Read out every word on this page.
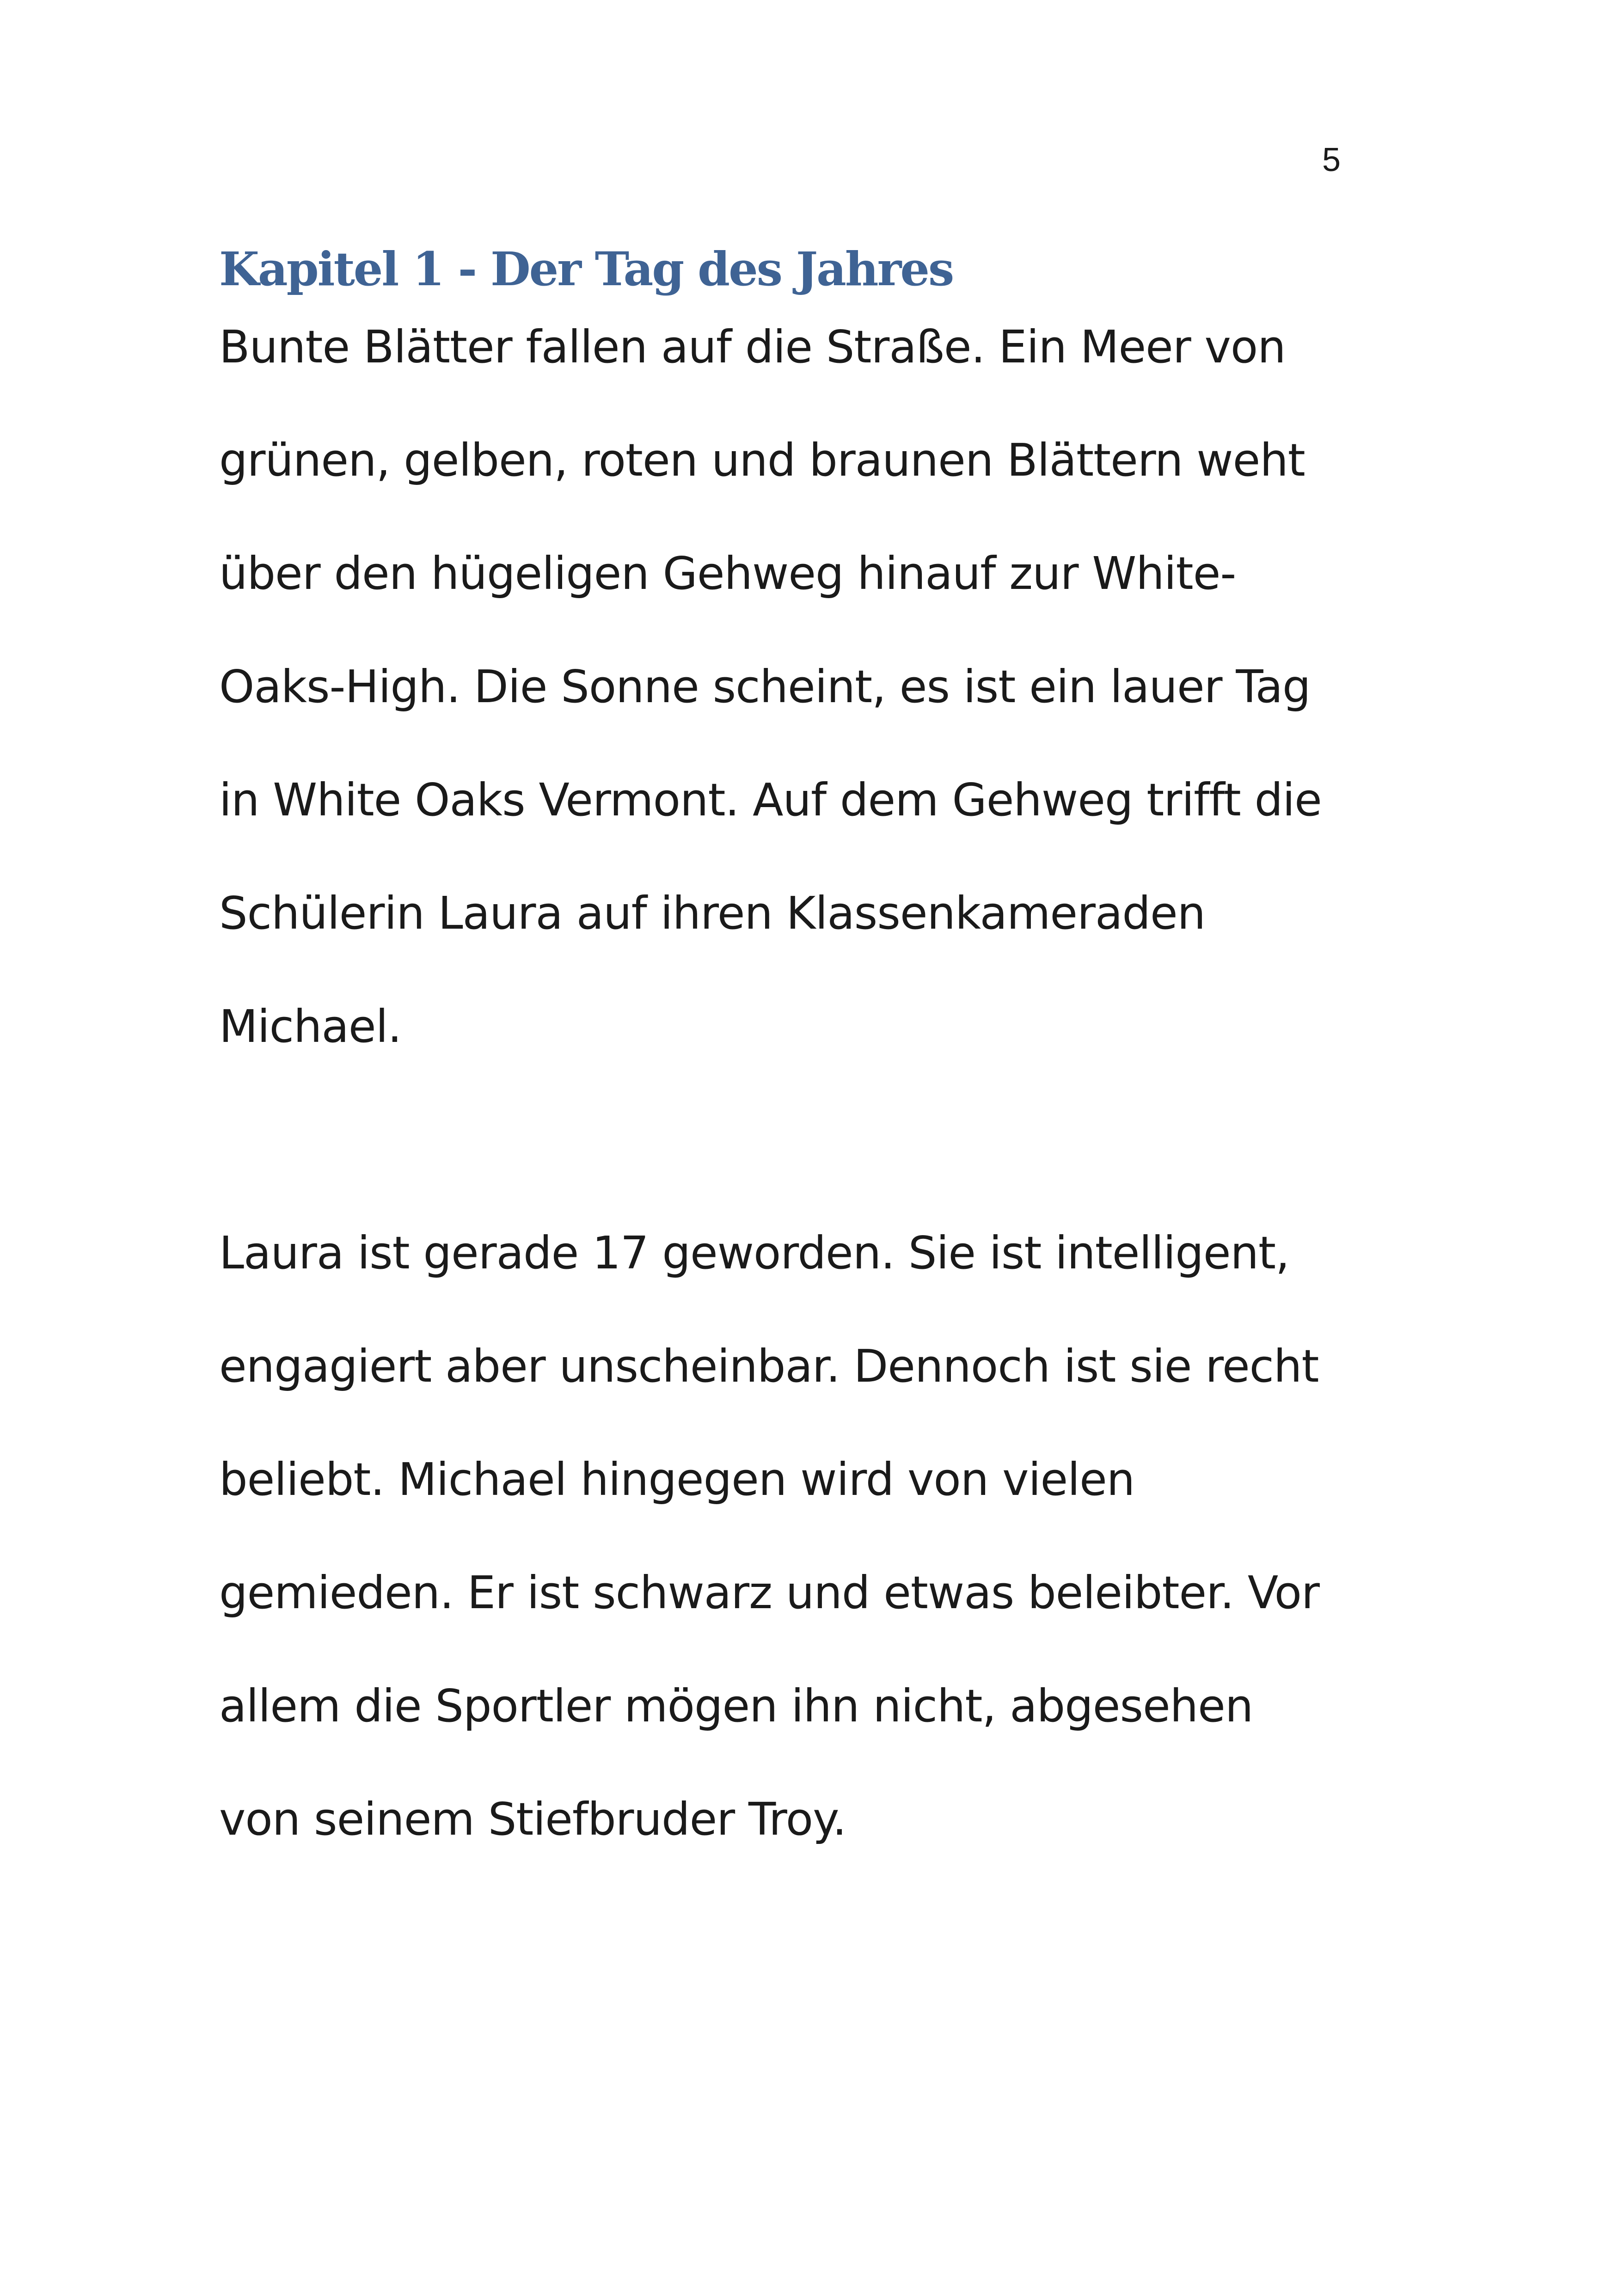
5
Kapitel 1 - Der Tag des Jahres

Bunte Blätter fallen auf die Straße. Ein Meer von

grünen, gelben, roten und braunen Blättern weht

über den hügeligen Gehweg hinauf zur White-

Oaks-High. Die Sonne scheint, es ist ein lauer Tag

in White Oaks Vermont. Auf dem Gehweg trifft die

Schülerin Laura auf ihren Klassenkameraden

Michael.

Laura ist gerade 17 geworden. Sie ist intelligent,

engagiert aber unscheinbar. Dennoch ist sie recht

beliebt. Michael hingegen wird von vielen

gemieden. Er ist schwarz und etwas beleibter. Vor

allem die Sportler mögen ihn nicht, abgesehen

von seinem Stiefbruder Troy.
